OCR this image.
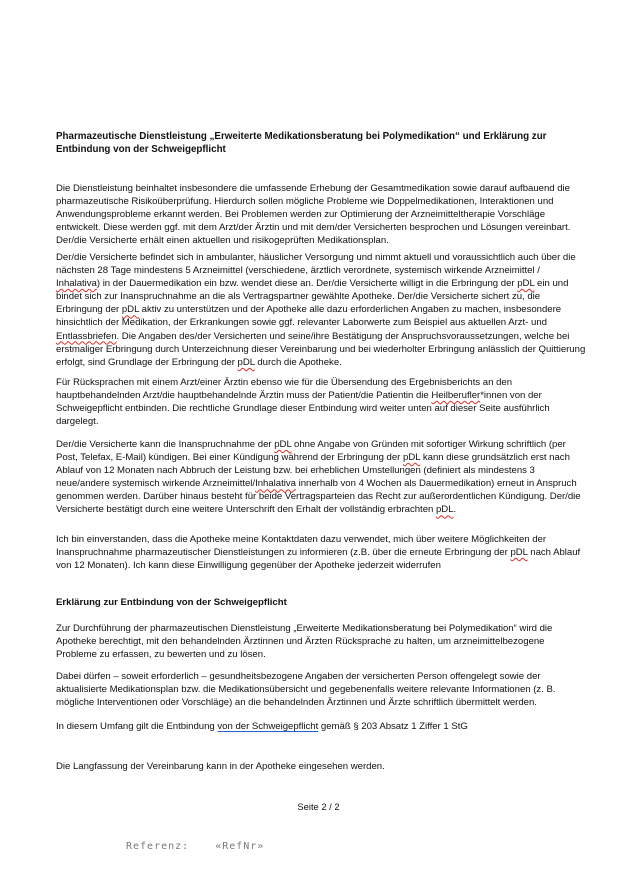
Pharmazeutische Dienstleistung „Erweiterte Medikationsberatung bei Polymedikation“ und Erklärung zur Entbindung von der Schweigepflicht
Die Dienstleistung beinhaltet insbesondere die umfassende Erhebung der Gesamtmedikation sowie darauf aufbauend die pharmazeutische Risikoüberprüfung. Hierdurch sollen mögliche Probleme wie Doppelmedikationen, Interaktionen und Anwendungsprobleme erkannt werden. Bei Problemen werden zur Optimierung der Arzneimitteltherapie Vorschläge entwickelt. Diese werden ggf. mit dem Arzt/der Ärztin und mit dem/der Versicherten besprochen und Lösungen vereinbart. Der/die Versicherte erhält einen aktuellen und risikogeprüften Medikationsplan.
Der/die Versicherte befindet sich in ambulanter, häuslicher Versorgung und nimmt aktuell und voraussichtlich auch über die nächsten 28 Tage mindestens 5 Arzneimittel (verschiedene, ärztlich verordnete, systemisch wirkende Arzneimittel / Inhalativa) in der Dauermedikation ein bzw. wendet diese an. Der/die Versicherte willigt in die Erbringung der pDL ein und bindet sich zur Inanspruchnahme an die als Vertragspartner gewählte Apotheke. Der/die Versicherte sichert zu, die Erbringung der pDL aktiv zu unterstützen und der Apotheke alle dazu erforderlichen Angaben zu machen, insbesondere hinsichtlich der Medikation, der Erkrankungen sowie ggf. relevanter Laborwerte zum Beispiel aus aktuellen Arzt- und Entlassbriefen. Die Angaben des/der Versicherten und seine/ihre Bestätigung der Anspruchsvoraussetzungen, welche bei erstmaliger Erbringung durch Unterzeichnung dieser Vereinbarung und bei wiederholter Erbringung anlässlich der Quittierung erfolgt, sind Grundlage der Erbringung der pDL durch die Apotheke.
Für Rücksprachen mit einem Arzt/einer Ärztin ebenso wie für die Übersendung des Ergebnisberichts an den hauptbehandelnden Arzt/die hauptbehandelnde Ärztin muss der Patient/die Patientin die Heilberufler*innen von der Schweigepflicht entbinden. Die rechtliche Grundlage dieser Entbindung wird weiter unten auf dieser Seite ausführlich dargelegt.
Der/die Versicherte kann die Inanspruchnahme der pDL ohne Angabe von Gründen mit sofortiger Wirkung schriftlich (per Post, Telefax, E-Mail) kündigen. Bei einer Kündigung während der Erbringung der pDL kann diese grundsätzlich erst nach Ablauf von 12 Monaten nach Abbruch der Leistung bzw. bei erheblichen Umstellungen (definiert als mindestens 3 neue/andere systemisch wirkende Arzneimittel/Inhalativa innerhalb von 4 Wochen als Dauermedikation) erneut in Anspruch genommen werden. Darüber hinaus besteht für beide Vertragsparteien das Recht zur außerordentlichen Kündigung. Der/die Versicherte bestätigt durch eine weitere Unterschrift den Erhalt der vollständig erbrachten pDL.
Ich bin einverstanden, dass die Apotheke meine Kontaktdaten dazu verwendet, mich über weitere Möglichkeiten der Inanspruchnahme pharmazeutischer Dienstleistungen zu informieren (z.B. über die erneute Erbringung der pDL nach Ablauf von 12 Monaten). Ich kann diese Einwilligung gegenüber der Apotheke jederzeit widerrufen
Erklärung zur Entbindung von der Schweigepflicht
Zur Durchführung der pharmazeutischen Dienstleistung „Erweiterte Medikationsberatung bei Polymedikation“ wird die Apotheke berechtigt, mit den behandelnden Ärztinnen und Ärzten Rücksprache zu halten, um arzneimittelbezogene Probleme zu erfassen, zu bewerten und zu lösen.
Dabei dürfen – soweit erforderlich – gesundheitsbezogene Angaben der versicherten Person offengelegt sowie der aktualisierte Medikationsplan bzw. die Medikationsübersicht und gegebenenfalls weitere relevante Informationen (z. B. mögliche Interventionen oder Vorschläge) an die behandelnden Ärztinnen und Ärzte schriftlich übermittelt werden.
In diesem Umfang gilt die Entbindung von der Schweigepflicht gemäß § 203 Absatz 1 Ziffer 1 StG
Die Langfassung der Vereinbarung kann in der Apotheke eingesehen werden.
Seite 2 / 2
Referenz:	«RefNr»
